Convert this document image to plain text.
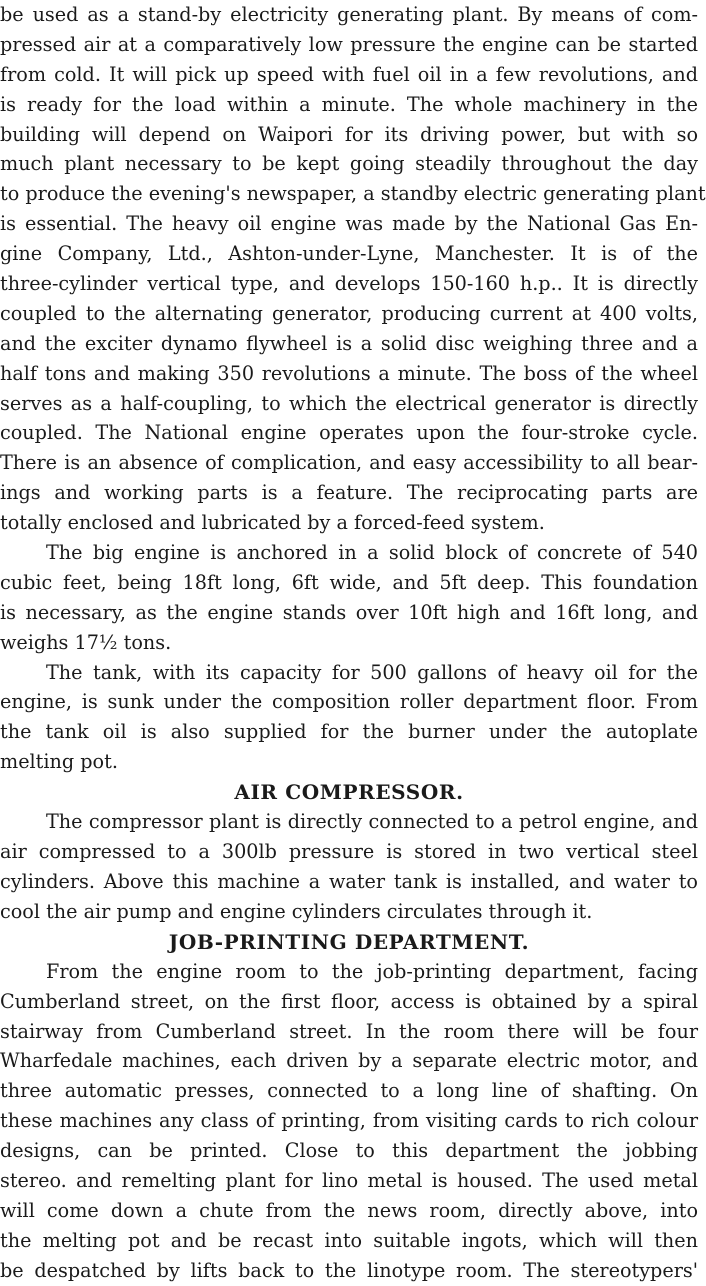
be used as a stand-by electricity generating plant. By means of com-
pressed air at a comparatively low pressure the engine can be started
from cold. It will pick up speed with fuel oil in a few revolutions, and
is ready for the load within a minute. The whole machinery in the
building will depend on Waipori for its driving power, but with so
much plant necessary to be kept going steadily throughout the day
to produce the evening's newspaper, a standby electric generating plant
is essential. The heavy oil engine was made by the National Gas En-
gine Company, Ltd., Ashton-under-Lyne, Manchester. It is of the
three-cylinder vertical type, and develops 150-160 h.p.. It is directly
coupled to the alternating generator, producing current at 400 volts,
and the exciter dynamo flywheel is a solid disc weighing three and a
half tons and making 350 revolutions a minute. The boss of the wheel
serves as a half-coupling, to which the electrical generator is directly
coupled. The National engine operates upon the four-stroke cycle.
There is an absence of complication, and easy accessibility to all bear-
ings and working parts is a feature. The reciprocating parts are
totally enclosed and lubricated by a forced-feed system.
The big engine is anchored in a solid block of concrete of 540
cubic feet, being 18ft long, 6ft wide, and 5ft deep. This foundation
is necessary, as the engine stands over 10ft high and 16ft long, and
weighs 17½ tons.
The tank, with its capacity for 500 gallons of heavy oil for the
engine, is sunk under the composition roller department floor. From
the tank oil is also supplied for the burner under the autoplate
melting pot.
AIR COMPRESSOR.
The compressor plant is directly connected to a petrol engine, and
air compressed to a 300lb pressure is stored in two vertical steel
cylinders. Above this machine a water tank is installed, and water to
cool the air pump and engine cylinders circulates through it.
JOB-PRINTING DEPARTMENT.
From the engine room to the job-printing department, facing
Cumberland street, on the first floor, access is obtained by a spiral
stairway from Cumberland street. In the room there will be four
Wharfedale machines, each driven by a separate electric motor, and
three automatic presses, connected to a long line of shafting. On
these machines any class of printing, from visiting cards to rich colour
designs, can be printed. Close to this department the jobbing
stereo. and remelting plant for lino metal is housed. The used metal
will come down a chute from the news room, directly above, into
the melting pot and be recast into suitable ingots, which will then
be despatched by lifts back to the linotype room. The stereotypers'
